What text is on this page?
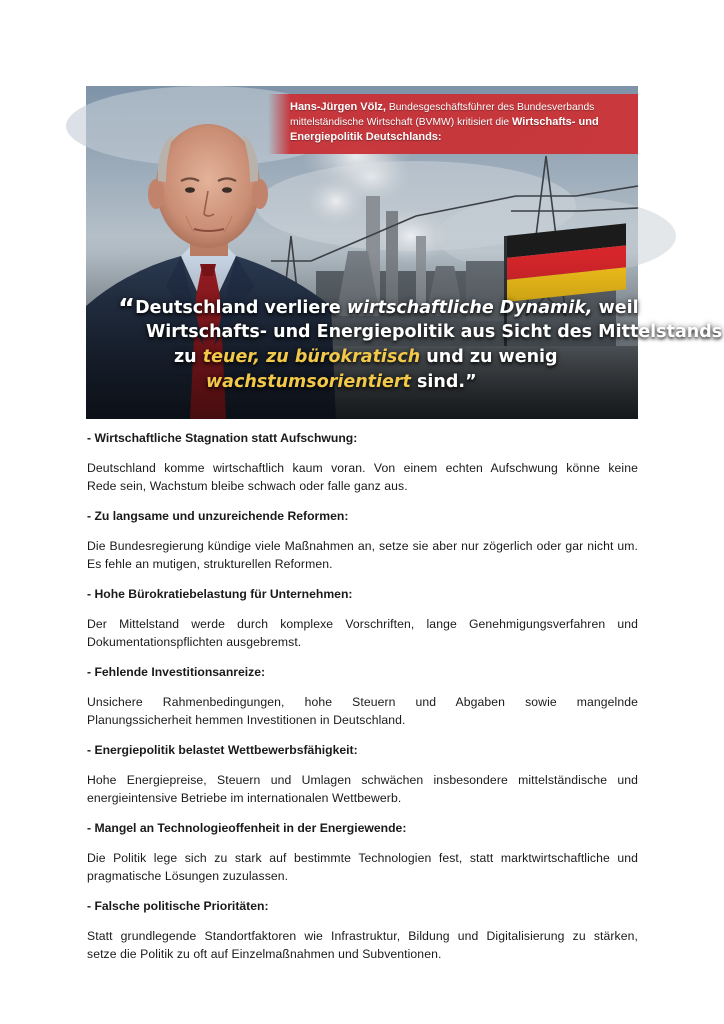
Hans-Jürgen Völz, Bundesgeschäftsführer des Bundesverbands
mittelständische Wirtschaft (BVMW) kritisiert die Wirtschafts- und
Energiepolitik Deutschlands:
“Deutschland verliere wirtschaftliche Dynamik, weil
Wirtschafts- und Energiepolitik aus Sicht des Mittelstands
zu teuer, zu bürokratisch und zu wenig
wachstumsorientiert sind.”
- Wirtschaftliche Stagnation statt Aufschwung:

Deutschland komme wirtschaftlich kaum voran. Von einem echten Aufschwung könne keine
Rede sein, Wachstum bleibe schwach oder falle ganz aus.

- Zu langsame und unzureichende Reformen:

Die Bundesregierung kündige viele Maßnahmen an, setze sie aber nur zögerlich oder gar nicht um.
Es fehle an mutigen, strukturellen Reformen.

- Hohe Bürokratiebelastung für Unternehmen:

Der Mittelstand werde durch komplexe Vorschriften, lange Genehmigungsverfahren und
Dokumentationspflichten ausgebremst.

- Fehlende Investitionsanreize:

Unsichere Rahmenbedingungen, hohe Steuern und Abgaben sowie mangelnde
Planungssicherheit hemmen Investitionen in Deutschland.

- Energiepolitik belastet Wettbewerbsfähigkeit:

Hohe Energiepreise, Steuern und Umlagen schwächen insbesondere mittelständische und
energieintensive Betriebe im internationalen Wettbewerb.

- Mangel an Technologieoffenheit in der Energiewende:

Die Politik lege sich zu stark auf bestimmte Technologien fest, statt marktwirtschaftliche und
pragmatische Lösungen zuzulassen.

- Falsche politische Prioritäten:

Statt grundlegende Standortfaktoren wie Infrastruktur, Bildung und Digitalisierung zu stärken,
setze die Politik zu oft auf Einzelmaßnahmen und Subventionen.
